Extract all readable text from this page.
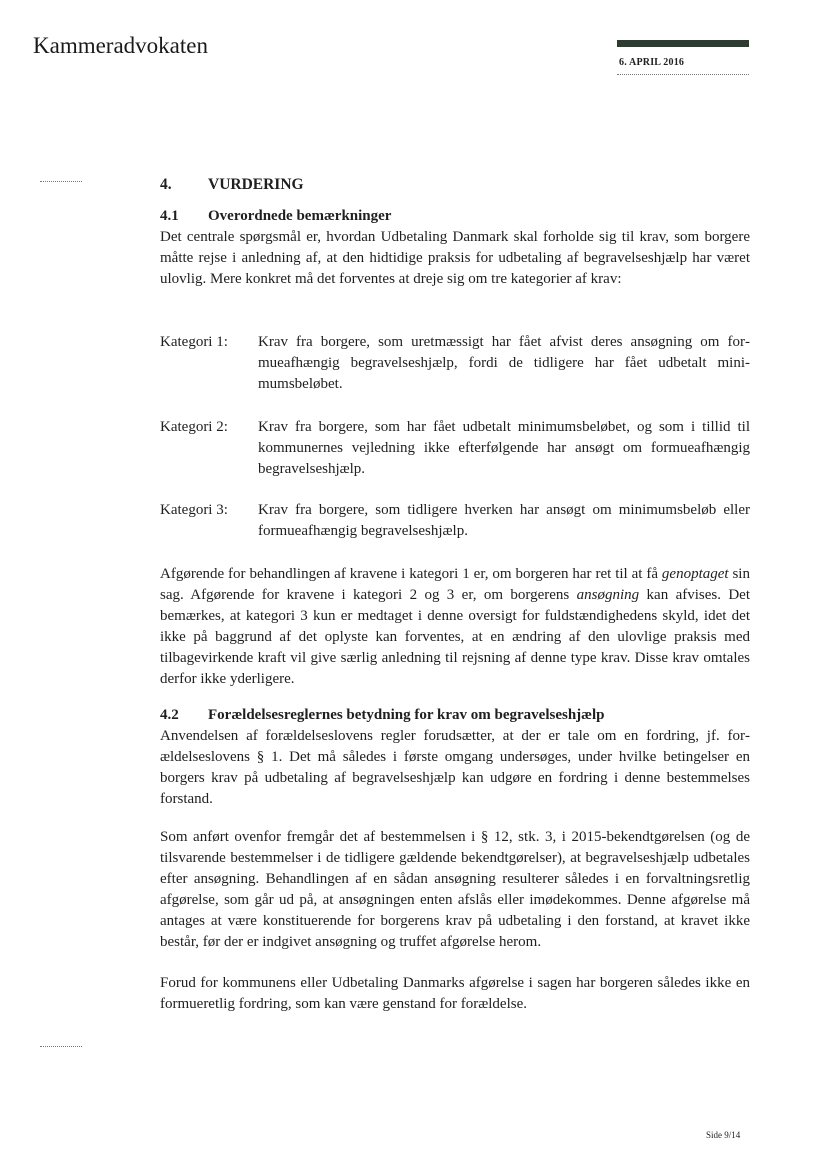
Kammeradvokaten
6. APRIL 2016
4. VURDERING
4.1 Overordnede bemærkninger

Det centrale spørgsmål er, hvordan Udbetaling Danmark skal forholde sig til krav, som borgere måtte rejse i anledning af, at den hidtidige praksis for udbetaling af begravelseshjælp har været ulovlig. Mere konkret må det forventes at dreje sig om tre kategorier af krav:

Kategori 1: Krav fra borgere, som uretmæssigt har fået afvist deres ansøgning om formueafhængig begravelseshjælp, fordi de tidligere har fået udbetalt minimumsbeløbet.
Kategori 2: Krav fra borgere, som har fået udbetalt minimumsbeløbet, og som i tillid til kommunernes vejledning ikke efterfølgende har ansøgt om formueafhængig begravelseshjælp.
Kategori 3: Krav fra borgere, som tidligere hverken har ansøgt om minimumsbeløb eller formueafhængig begravelseshjælp.

Afgørende for behandlingen af kravene i kategori 1 er, om borgeren har ret til at få genoptaget sin sag. Afgørende for kravene i kategori 2 og 3 er, om borgerens ansøgning kan afvises. Det bemærkes, at kategori 3 kun er medtaget i denne oversigt for fuldstændighedens skyld, idet det ikke på baggrund af det oplyste kan forventes, at en ændring af den ulovlige praksis med tilbagevirkende kraft vil give særlig anledning til rejsning af denne type krav. Disse krav omtales derfor ikke yderligere.

4.2 Forældelsesreglernes betydning for krav om begravelseshjælp

Anvendelsen af forældelseslovens regler forudsætter, at der er tale om en fordring, jf. forældelseslovens § 1. Det må således i første omgang undersøges, under hvilke betingelser en borgers krav på udbetaling af begravelseshjælp kan udgøre en fordring i denne bestemmelses forstand.

Som anført ovenfor fremgår det af bestemmelsen i § 12, stk. 3, i 2015-bekendtgørelsen (og de tilsvarende bestemmelser i de tidligere gældende bekendtgørelser), at begravelseshjælp udbetales efter ansøgning. Behandlingen af en sådan ansøgning resulterer således i en forvaltningsretlig afgørelse, som går ud på, at ansøgningen enten afslås eller imødekommes. Denne afgørelse må antages at være konstituerende for borgerens krav på udbetaling i den forstand, at kravet ikke består, før der er indgivet ansøgning og truffet afgørelse herom.

Forud for kommunens eller Udbetaling Danmarks afgørelse i sagen har borgeren således ikke en formueretlig fordring, som kan være genstand for forældelse.

Side 9/14
